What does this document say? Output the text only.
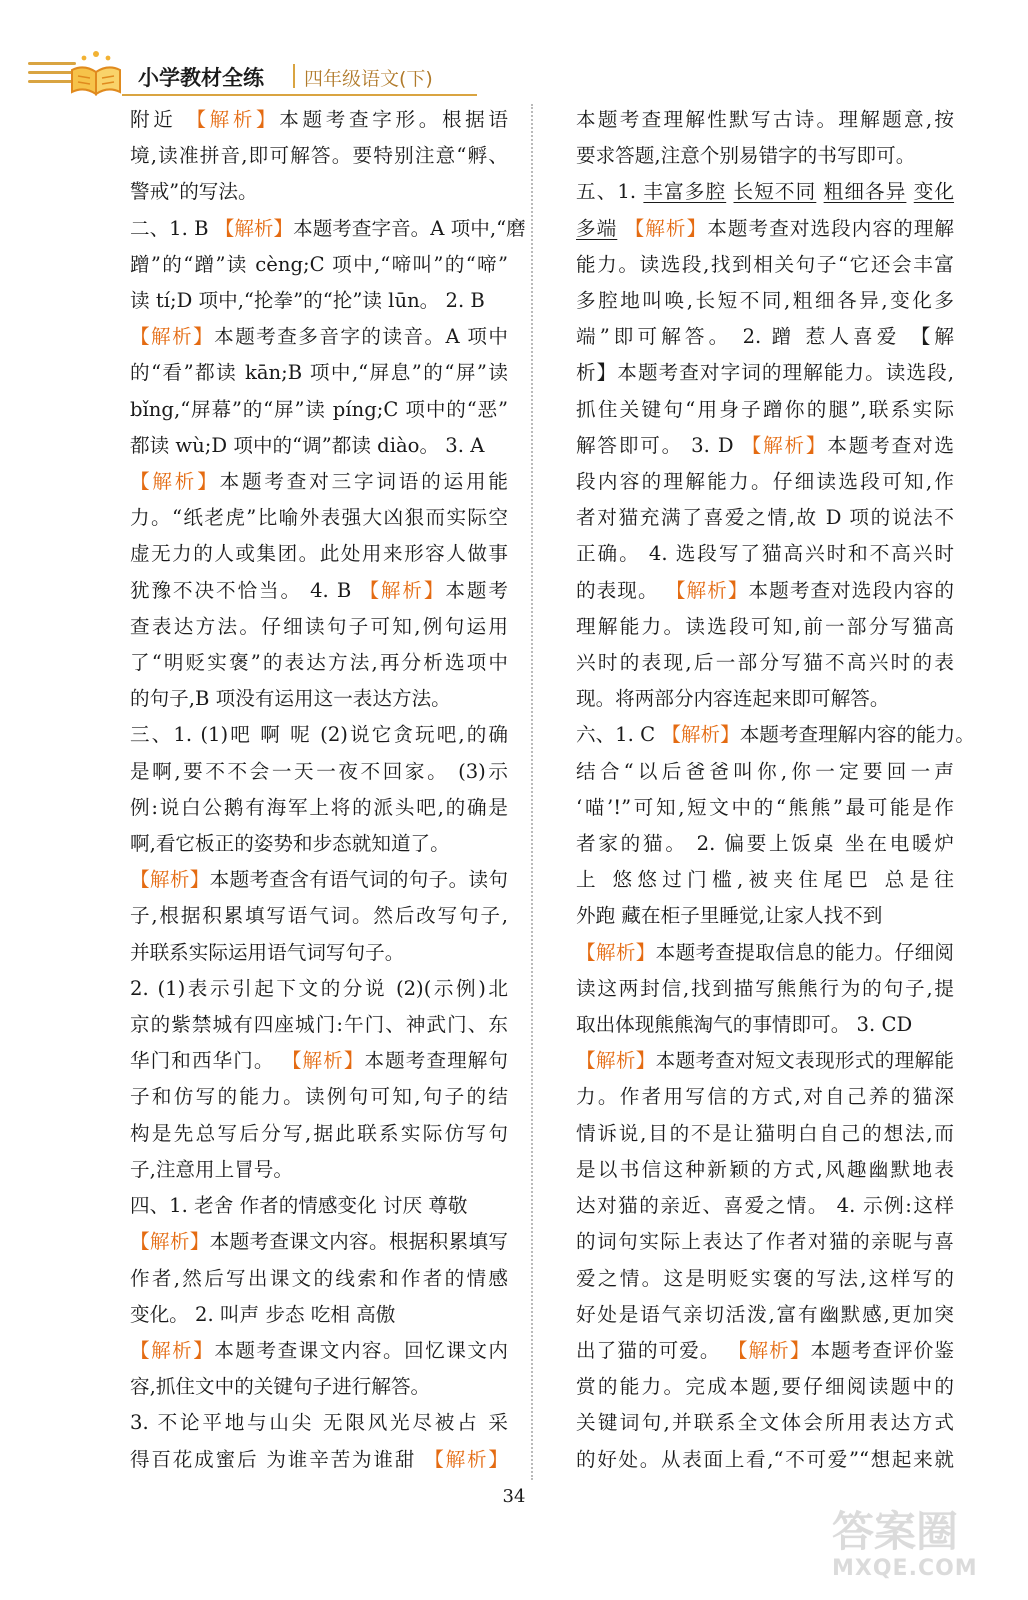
小学教材全练 四年级语文(下)
附近 【解析】本题考查字形。根据语
境,读准拼音,即可解答。要特别注意“孵、
警戒”的写法。
二、1. B 【解析】本题考查字音。A 项中,“磨
蹭”的“蹭”读 cèng;C 项中,“啼叫”的“啼”
读 tí;D 项中,“抡拳”的“抡”读 lūn。 2. B
【解析】本题考查多音字的读音。A 项中
的“看”都读 kān;B 项中,“屏息”的“屏”读
bǐng,“屏幕”的“屏”读 píng;C 项中的“恶”
都读 wù;D 项中的“调”都读 diào。 3. A
【解析】本题考查对三字词语的运用能
力。“纸老虎”比喻外表强大凶狠而实际空
虚无力的人或集团。此处用来形容人做事
犹豫不决不恰当。 4. B 【解析】本题考
查表达方法。仔细读句子可知,例句运用
了“明贬实褒”的表达方法,再分析选项中
的句子,B 项没有运用这一表达方法。
三、1. (1)吧 啊 呢 (2)说它贪玩吧,的确
是啊,要不不会一天一夜不回家。 (3)示
例:说白公鹅有海军上将的派头吧,的确是
啊,看它板正的姿势和步态就知道了。
【解析】本题考查含有语气词的句子。读句
子,根据积累填写语气词。然后改写句子,
并联系实际运用语气词写句子。
2. (1)表示引起下文的分说 (2)(示例)北
京的紫禁城有四座城门:午门、神武门、东
华门和西华门。 【解析】本题考查理解句
子和仿写的能力。读例句可知,句子的结
构是先总写后分写,据此联系实际仿写句
子,注意用上冒号。
四、1. 老舍 作者的情感变化 讨厌 尊敬
【解析】本题考查课文内容。根据积累填写
作者,然后写出课文的线索和作者的情感
变化。 2. 叫声 步态 吃相 高傲
【解析】本题考查课文内容。回忆课文内
容,抓住文中的关键句子进行解答。
3. 不论平地与山尖 无限风光尽被占 采
得百花成蜜后 为谁辛苦为谁甜 【解析】
本题考查理解性默写古诗。理解题意,按
要求答题,注意个别易错字的书写即可。
五、1. 丰富多腔 长短不同 粗细各异 变化
多端 【解析】本题考查对选段内容的理解
能力。读选段,找到相关句子“它还会丰富
多腔地叫唤,长短不同,粗细各异,变化多
端”即可解答。 2. 蹭 惹人喜爱 【解
析】本题考查对字词的理解能力。读选段,
抓住关键句“用身子蹭你的腿”,联系实际
解答即可。 3. D 【解析】本题考查对选
段内容的理解能力。仔细读选段可知,作
者对猫充满了喜爱之情,故 D 项的说法不
正确。 4. 选段写了猫高兴时和不高兴时
的表现。 【解析】本题考查对选段内容的
理解能力。读选段可知,前一部分写猫高
兴时的表现,后一部分写猫不高兴时的表
现。将两部分内容连起来即可解答。
六、1. C 【解析】本题考查理解内容的能力。
结合“以后爸爸叫你,你一定要回一声
‘喵’!”可知,短文中的“熊熊”最可能是作
者家的猫。 2. 偏要上饭桌 坐在电暖炉
上 悠悠过门槛,被夹住尾巴 总是往
外跑 藏在柜子里睡觉,让家人找不到
【解析】本题考查提取信息的能力。仔细阅
读这两封信,找到描写熊熊行为的句子,提
取出体现熊熊淘气的事情即可。 3. CD
【解析】本题考查对短文表现形式的理解能
力。作者用写信的方式,对自己养的猫深
情诉说,目的不是让猫明白自己的想法,而
是以书信这种新颖的方式,风趣幽默地表
达对猫的亲近、喜爱之情。 4. 示例:这样
的词句实际上表达了作者对猫的亲昵与喜
爱之情。这是明贬实褒的写法,这样写的
好处是语气亲切活泼,富有幽默感,更加突
出了猫的可爱。 【解析】本题考查评价鉴
赏的能力。完成本题,要仔细阅读题中的
关键词句,并联系全文体会所用表达方式
的好处。从表面上看,“不可爱”“想起来就
34
答案圈
MXQE.COM
